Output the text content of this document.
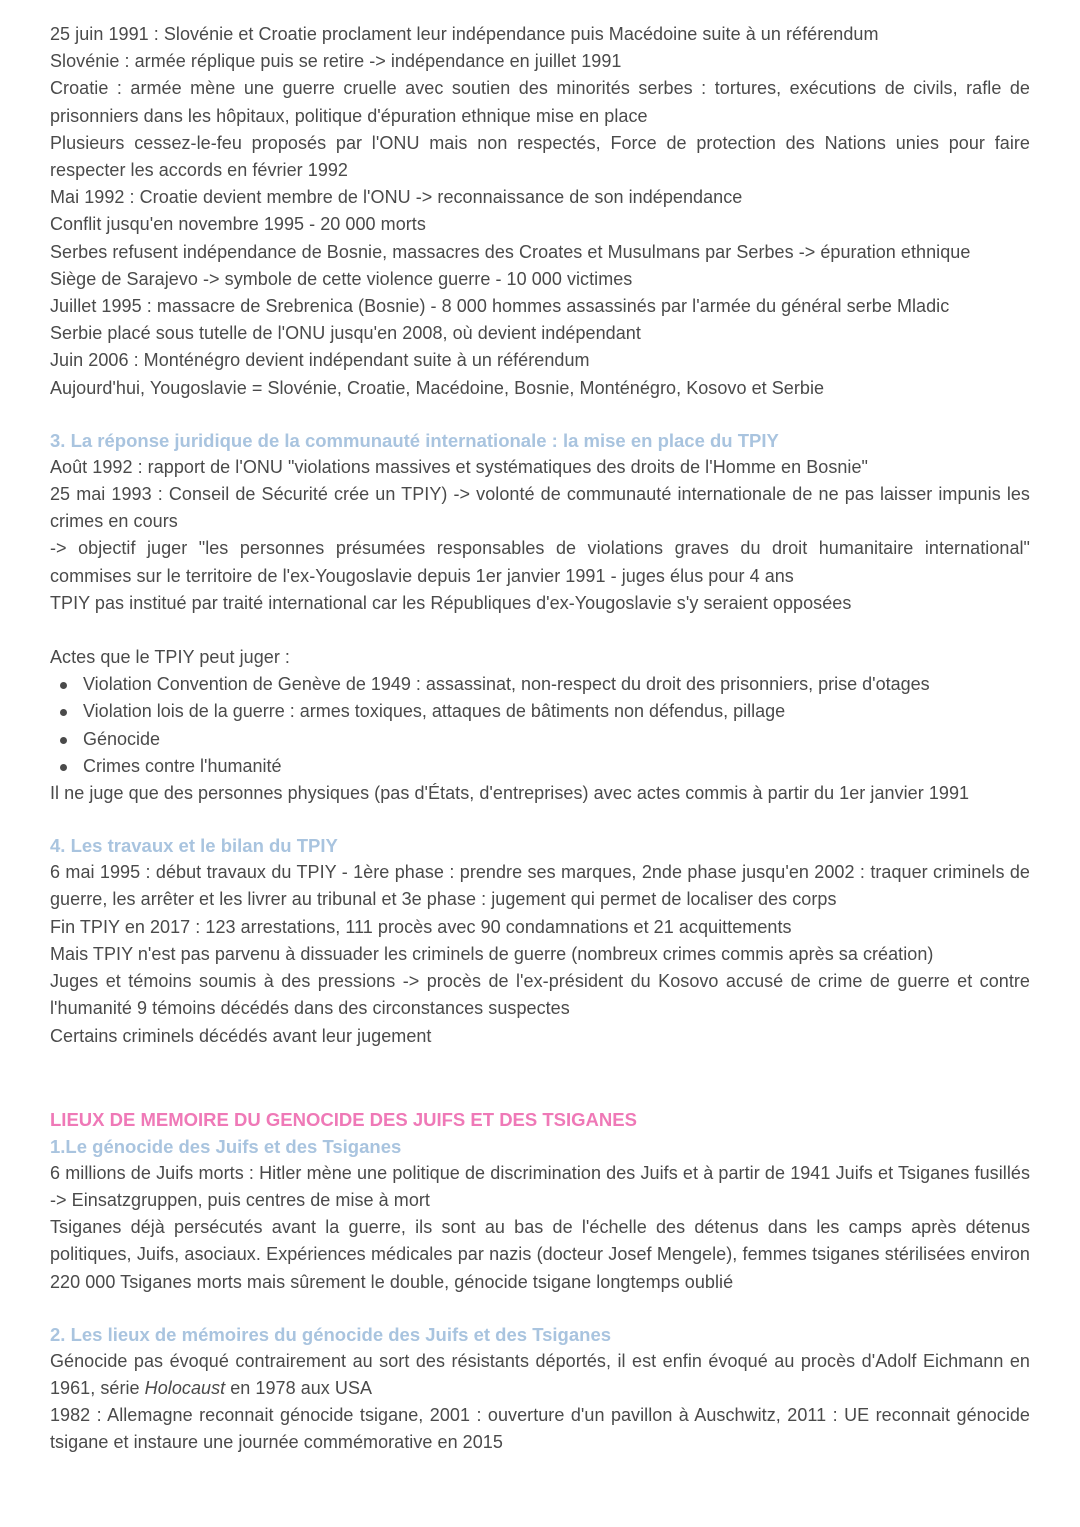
25 juin 1991 : Slovénie et Croatie proclament leur indépendance puis Macédoine suite à un référendum

Slovénie : armée réplique puis se retire -> indépendance en juillet 1991

Croatie : armée mène une guerre cruelle avec soutien des minorités serbes : tortures, exécutions de civils, rafle de prisonniers dans les hôpitaux, politique d'épuration ethnique mise en place

Plusieurs cessez-le-feu proposés par l'ONU mais non respectés, Force de protection des Nations unies pour faire respecter les accords en février 1992

Mai 1992 : Croatie devient membre de l'ONU -> reconnaissance de son indépendance

Conflit jusqu'en novembre 1995 - 20 000 morts

Serbes refusent indépendance de Bosnie, massacres des Croates et Musulmans par Serbes -> épuration ethnique

Siège de Sarajevo -> symbole de cette violence guerre - 10 000 victimes

Juillet 1995 : massacre de Srebrenica (Bosnie) - 8 000 hommes assassinés par l'armée du général serbe Mladic

Serbie placé sous tutelle de l'ONU jusqu'en 2008, où devient indépendant

Juin 2006 : Monténégro devient indépendant suite à un référendum

Aujourd'hui, Yougoslavie = Slovénie, Croatie, Macédoine, Bosnie, Monténégro, Kosovo et Serbie

3. La réponse juridique de la communauté internationale : la mise en place du TPIY

Août 1992 : rapport de l'ONU "violations massives et systématiques des droits de l'Homme en Bosnie"

25 mai 1993 : Conseil de Sécurité crée un TPIY) -> volonté de communauté internationale de ne pas laisser impunis les crimes en cours

-> objectif juger "les personnes présumées responsables de violations graves du droit humanitaire international" commises sur le territoire de l'ex-Yougoslavie depuis 1er janvier 1991 - juges élus pour 4 ans

TPIY pas institué par traité international car les Républiques d'ex-Yougoslavie s'y seraient opposées

Actes que le TPIY peut juger :

Violation Convention de Genève de 1949 : assassinat, non-respect du droit des prisonniers, prise d'otages
Violation lois de la guerre : armes toxiques, attaques de bâtiments non défendus, pillage
Génocide
Crimes contre l'humanité

Il ne juge que des personnes physiques (pas d'États, d'entreprises) avec actes commis à partir du 1er janvier 1991

4. Les travaux et le bilan du TPIY

6 mai 1995 : début travaux du TPIY - 1ère phase : prendre ses marques, 2nde phase jusqu'en 2002 : traquer criminels de guerre, les arrêter et les livrer au tribunal et 3e phase : jugement qui permet de localiser des corps

Fin TPIY en 2017 : 123 arrestations, 111 procès avec 90 condamnations et 21 acquittements

Mais TPIY n'est pas parvenu à dissuader les criminels de guerre (nombreux crimes commis après sa création)

Juges et témoins soumis à des pressions -> procès de l'ex-président du Kosovo accusé de crime de guerre et contre l'humanité 9 témoins décédés dans des circonstances suspectes

Certains criminels décédés avant leur jugement

LIEUX DE MEMOIRE DU GENOCIDE DES JUIFS ET DES TSIGANES
1.Le génocide des Juifs et des Tsiganes

6 millions de Juifs morts : Hitler mène une politique de discrimination des Juifs et à partir de 1941 Juifs et Tsiganes fusillés -> Einsatzgruppen, puis centres de mise à mort

Tsiganes déjà persécutés avant la guerre, ils sont au bas de l'échelle des détenus dans les camps après détenus politiques, Juifs, asociaux. Expériences médicales par nazis (docteur Josef Mengele), femmes tsiganes stérilisées environ 220 000 Tsiganes morts mais sûrement le double, génocide tsigane longtemps oublié

2. Les lieux de mémoires du génocide des Juifs et des Tsiganes

Génocide pas évoqué contrairement au sort des résistants déportés, il est enfin évoqué au procès d'Adolf Eichmann en 1961, série Holocaust en 1978 aux USA

1982 : Allemagne reconnait génocide tsigane, 2001 : ouverture d'un pavillon à Auschwitz, 2011 : UE reconnait génocide tsigane et instaure une journée commémorative en 2015
